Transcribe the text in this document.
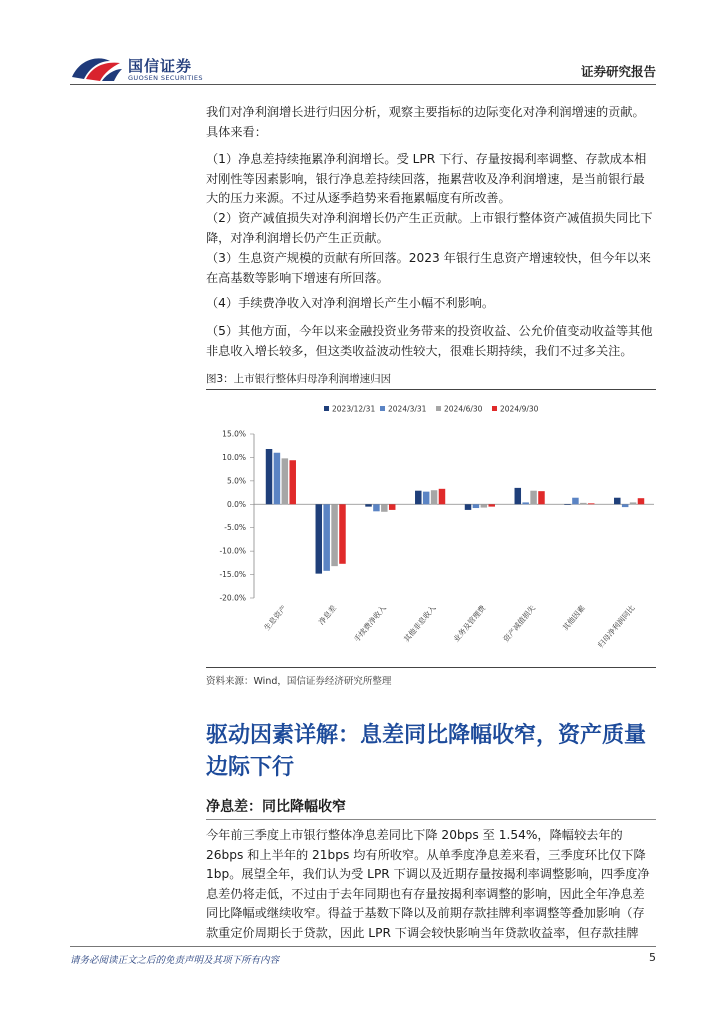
国信证券
GUOSEN SECURITIES	证券研究报告

我们对净利润增长进行归因分析，观察主要指标的边际变化对净利润增速的贡献。具体来看：

（1）净息差持续拖累净利润增长。受 LPR 下行、存量按揭利率调整、存款成本相对刚性等因素影响，银行净息差持续回落，拖累营收及净利润增速，是当前银行最大的压力来源。不过从逐季趋势来看拖累幅度有所改善。

（2）资产减值损失对净利润增长仍产生正贡献。上市银行整体资产减值损失同比下降，对净利润增长仍产生正贡献。

（3）生息资产规模的贡献有所回落。2023 年银行生息资产增速较快，但今年以来在高基数等影响下增速有所回落。

（4）手续费净收入对净利润增长产生小幅不利影响。

（5）其他方面，今年以来金融投资业务带来的投资收益、公允价值变动收益等其他非息收入增长较多，但这类收益波动性较大，很难长期持续，我们不过多关注。

图3：上市银行整体归母净利润增速归因
2023/12/31 2024/3/31 2024/6/30 2024/9/30
15.0%
10.0%
5.0%
0.0%
-5.0%
-10.0%
-15.0%
-20.0%
生息资产	净息差 手续费净收入 其他非息收入 业务及管理费 资产减值损失	其他因素 归母净利润同比
资料来源：Wind，国信证券经济研究所整理
驱动因素详解：息差同比降幅收窄，资产质量边际下行
净息差：同比降幅收窄

今年前三季度上市银行整体净息差同比下降 20bps 至 1.54%，降幅较去年的 26bps 和上半年的 21bps 均有所收窄。从单季度净息差来看，三季度环比仅下降 1bp。展望全年，我们认为受 LPR 下调以及近期存量按揭利率调整影响，四季度净息差仍将走低，不过由于去年同期也有存量按揭利率调整的影响，因此全年净息差同比降幅或继续收窄。得益于基数下降以及前期存款挂牌利率调整等叠加影响（存款重定价周期长于贷款，因此 LPR 下调会较快影响当年贷款收益率，但存款挂牌

请务必阅读正文之后的免责声明及其项下所有内容	5
